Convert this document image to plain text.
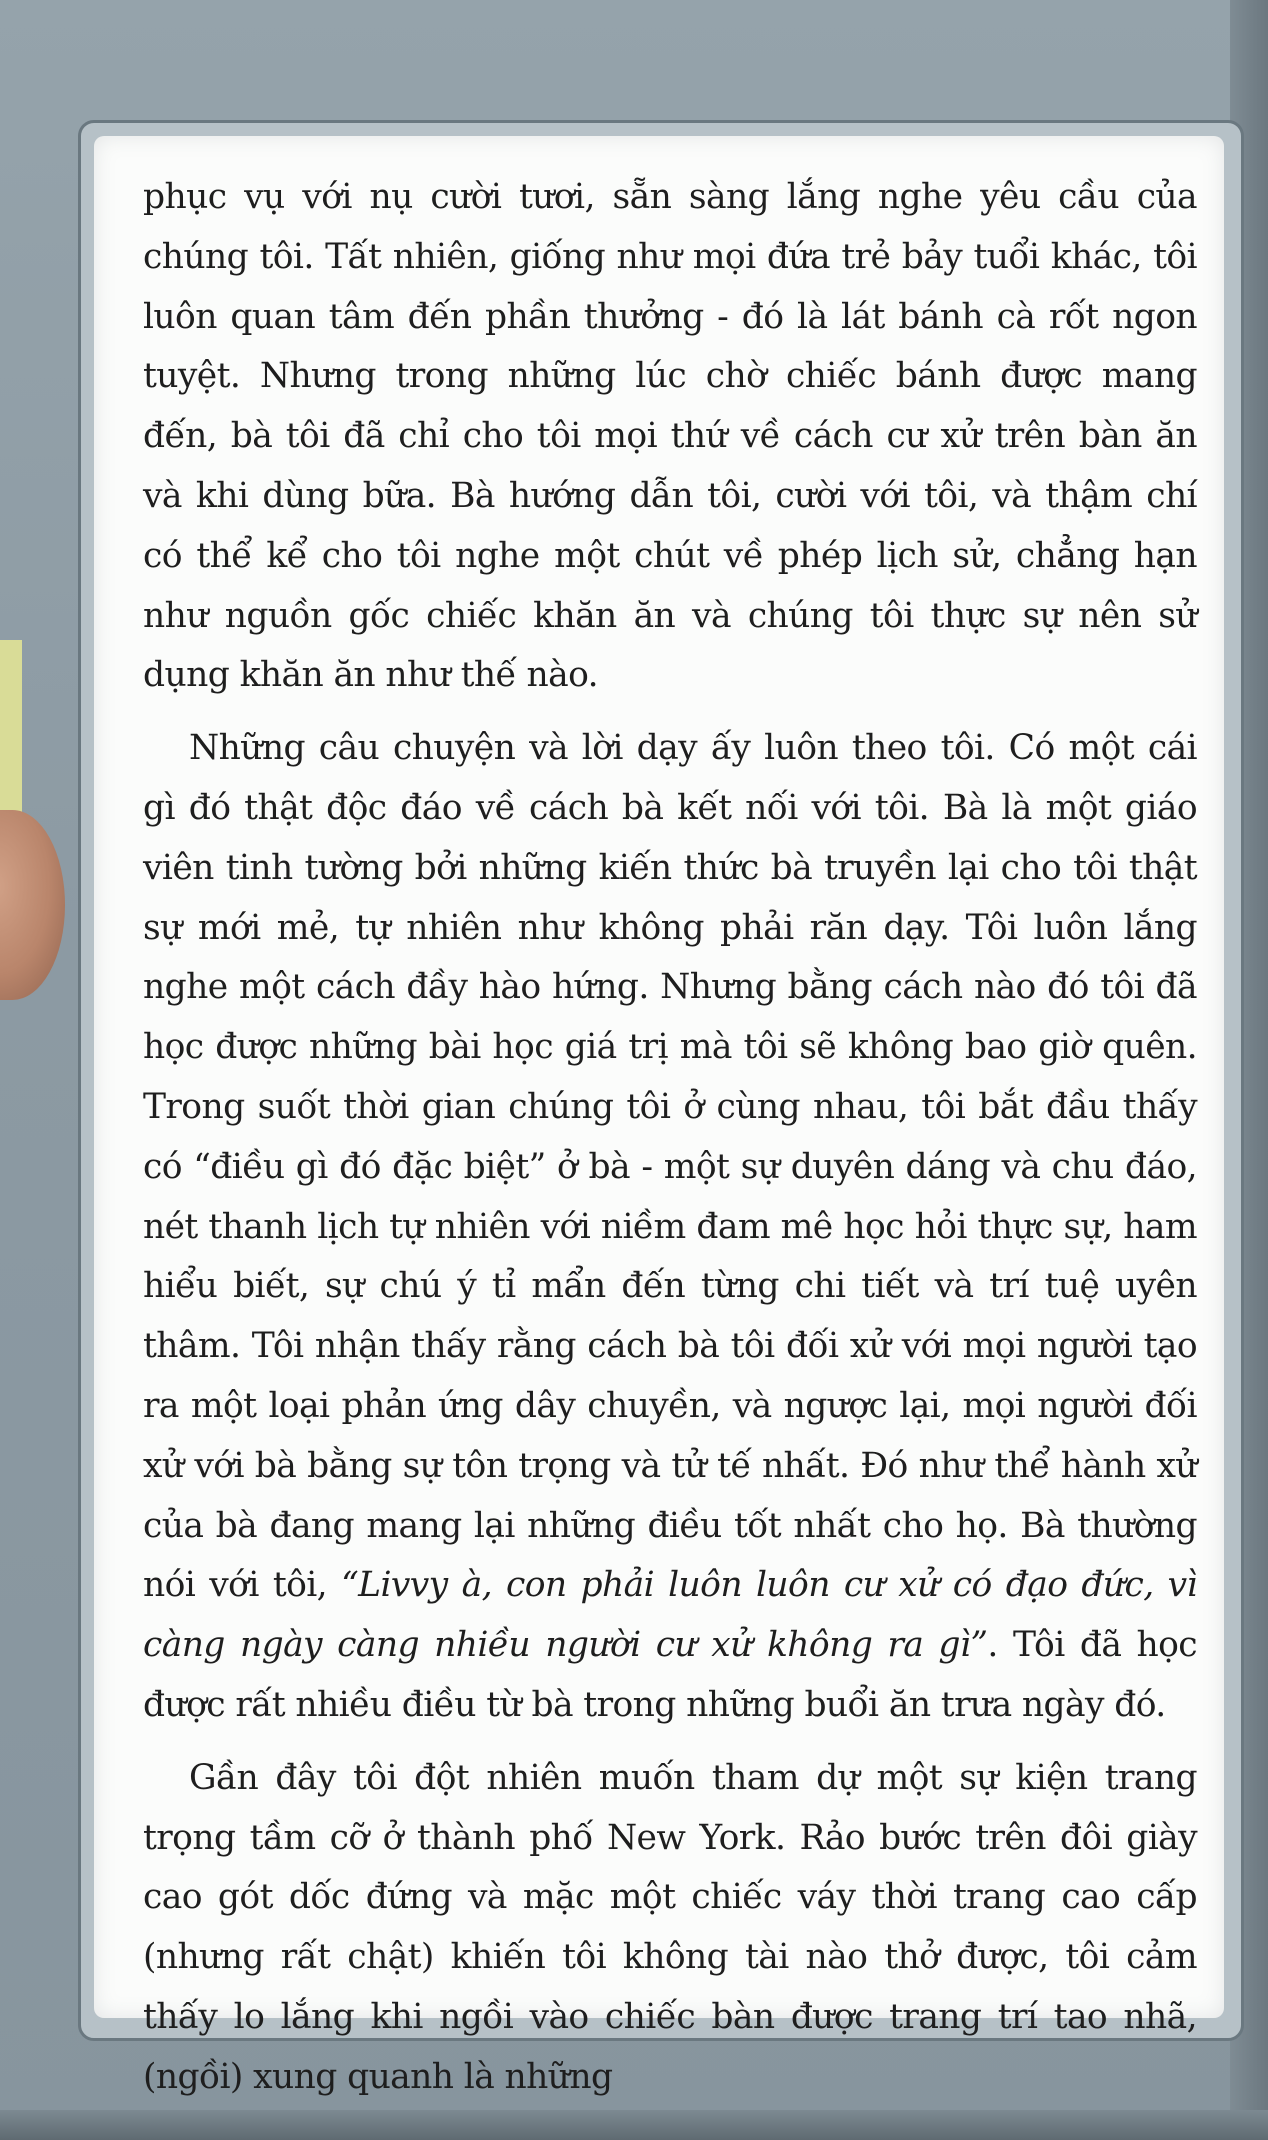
phục vụ với nụ cười tươi, sẵn sàng lắng nghe yêu cầu của chúng tôi. Tất nhiên, giống như mọi đứa trẻ bảy tuổi khác, tôi luôn quan tâm đến phần thưởng - đó là lát bánh cà rốt ngon tuyệt. Nhưng trong những lúc chờ chiếc bánh được mang đến, bà tôi đã chỉ cho tôi mọi thứ về cách cư xử trên bàn ăn và khi dùng bữa. Bà hướng dẫn tôi, cười với tôi, và thậm chí có thể kể cho tôi nghe một chút về phép lịch sử, chẳng hạn như nguồn gốc chiếc khăn ăn và chúng tôi thực sự nên sử dụng khăn ăn như thế nào.

Những câu chuyện và lời dạy ấy luôn theo tôi. Có một cái gì đó thật độc đáo về cách bà kết nối với tôi. Bà là một giáo viên tinh tường bởi những kiến thức bà truyền lại cho tôi thật sự mới mẻ, tự nhiên như không phải răn dạy. Tôi luôn lắng nghe một cách đầy hào hứng. Nhưng bằng cách nào đó tôi đã học được những bài học giá trị mà tôi sẽ không bao giờ quên. Trong suốt thời gian chúng tôi ở cùng nhau, tôi bắt đầu thấy có “điều gì đó đặc biệt” ở bà - một sự duyên dáng và chu đáo, nét thanh lịch tự nhiên với niềm đam mê học hỏi thực sự, ham hiểu biết, sự chú ý tỉ mẩn đến từng chi tiết và trí tuệ uyên thâm. Tôi nhận thấy rằng cách bà tôi đối xử với mọi người tạo ra một loại phản ứng dây chuyền, và ngược lại, mọi người đối xử với bà bằng sự tôn trọng và tử tế nhất. Đó như thể hành xử của bà đang mang lại những điều tốt nhất cho họ. Bà thường nói với tôi, “Livvy à, con phải luôn luôn cư xử có đạo đức, vì càng ngày càng nhiều người cư xử không ra gì”. Tôi đã học được rất nhiều điều từ bà trong những buổi ăn trưa ngày đó.

Gần đây tôi đột nhiên muốn tham dự một sự kiện trang trọng tầm cỡ ở thành phố New York. Rảo bước trên đôi giày cao gót dốc đứng và mặc một chiếc váy thời trang cao cấp (nhưng rất chật) khiến tôi không tài nào thở được, tôi cảm thấy lo lắng khi ngồi vào chiếc bàn được trang trí tao nhã, (ngồi) xung quanh là những
